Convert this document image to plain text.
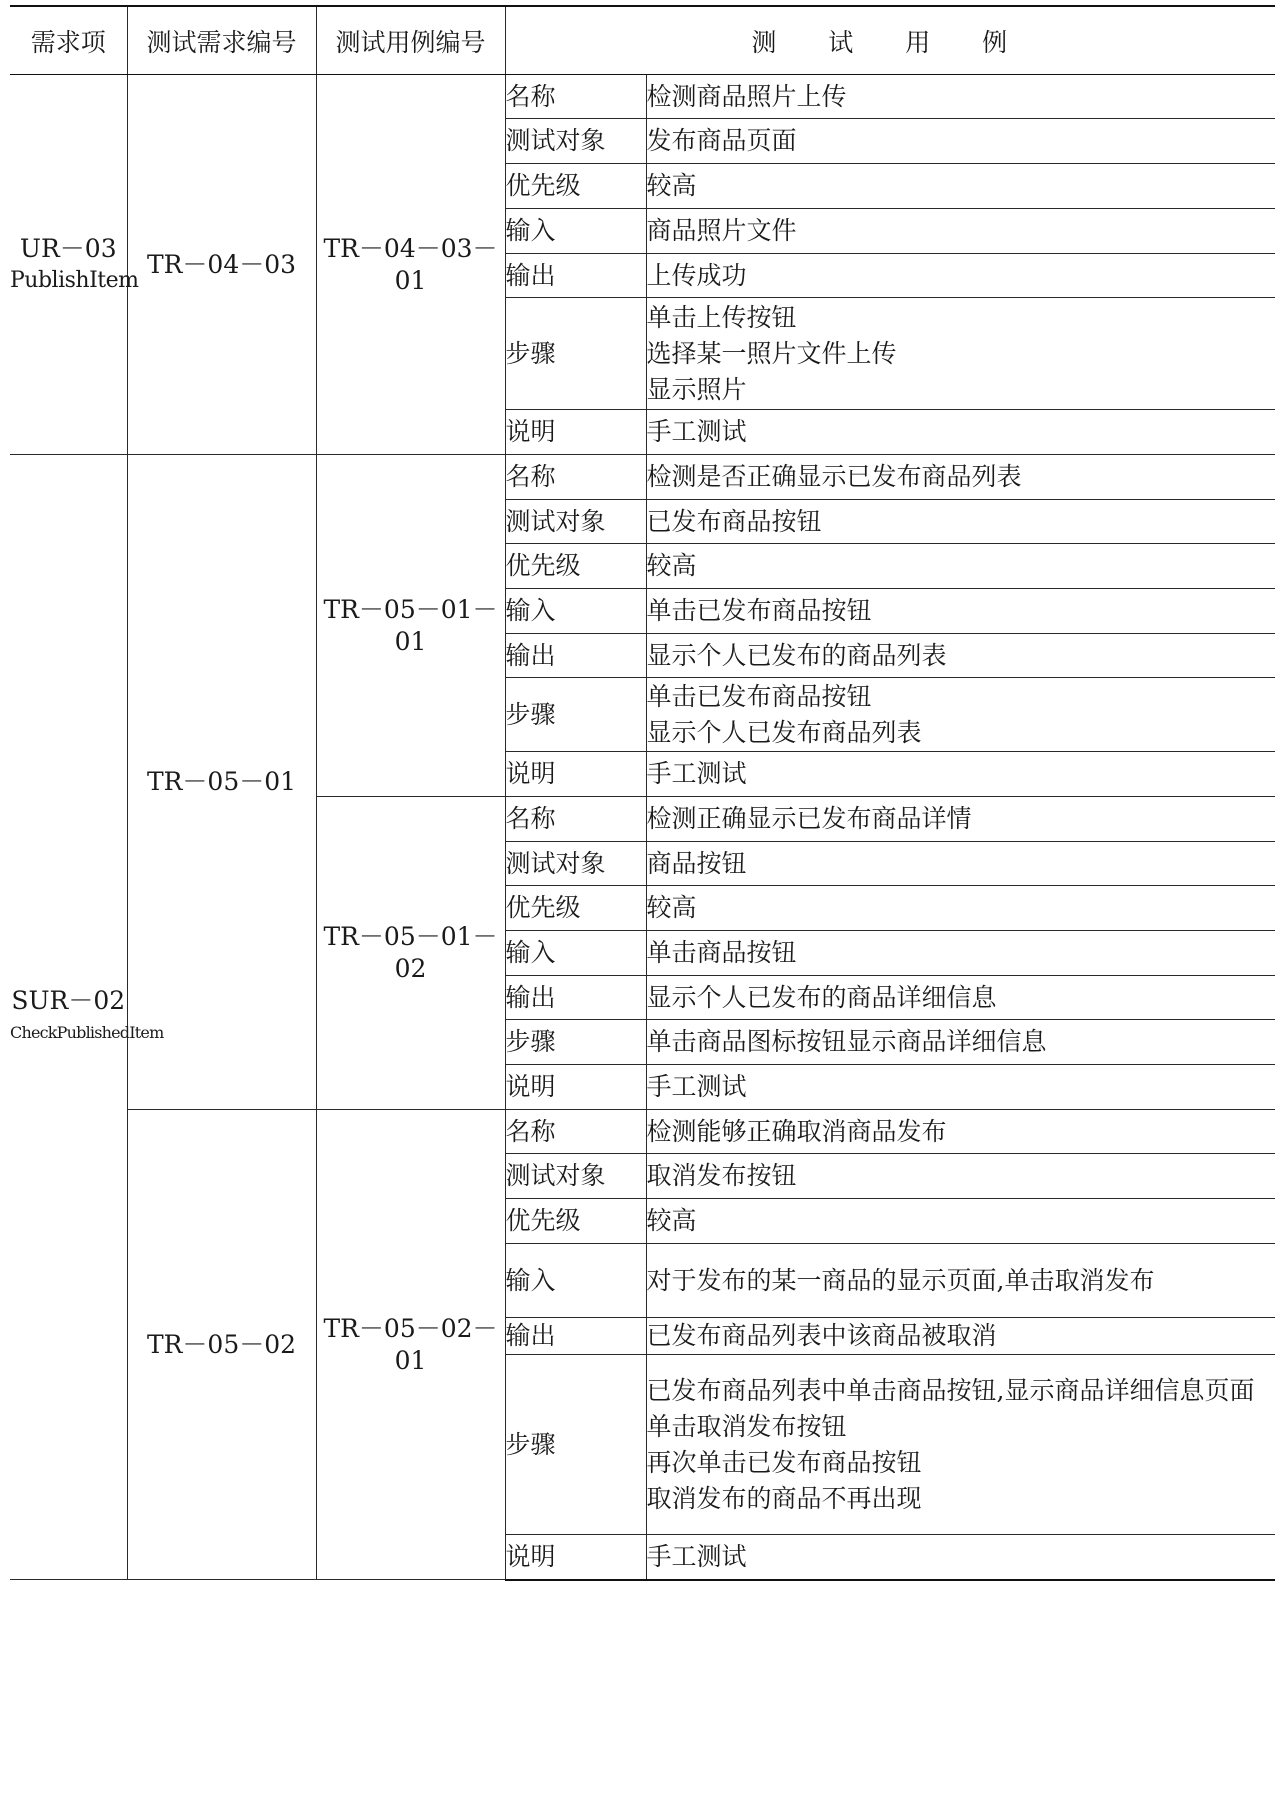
需求项	测试需求编号	测试用例编号	测 试 用 例	

UR－03
PublishItem	TR－04－03	TR－04－03－01	名称	检测商品照片上传
			测试对象	发布商品页面
			优先级	较高
			输入	商品照片文件
			输出	上传成功
			步骤	单击上传按钮
选择某一照片文件上传
显示照片
			说明	手工测试

SUR－02
CheckPublishedItem	TR－05－01	TR－05－01－01	名称	检测是否正确显示已发布商品列表
			测试对象	已发布商品按钮
			优先级	较高
			输入	单击已发布商品按钮
			输出	显示个人已发布的商品列表
			步骤	单击已发布商品按钮
显示个人已发布商品列表
			说明	手工测试
		TR－05－01－02	名称	检测正确显示已发布商品详情
			测试对象	商品按钮
			优先级	较高
			输入	单击商品按钮
			输出	显示个人已发布的商品详细信息
			步骤	单击商品图标按钮显示商品详细信息
			说明	手工测试
	TR－05－02	TR－05－02－01	名称	检测能够正确取消商品发布
			测试对象	取消发布按钮
			优先级	较高
			输入	对于发布的某一商品的显示页面,单击取消发布
			输出	已发布商品列表中该商品被取消
			步骤	已发布商品列表中单击商品按钮,显示商品详细信息页面
单击取消发布按钮
再次单击已发布商品按钮
取消发布的商品不再出现
			说明	手工测试
